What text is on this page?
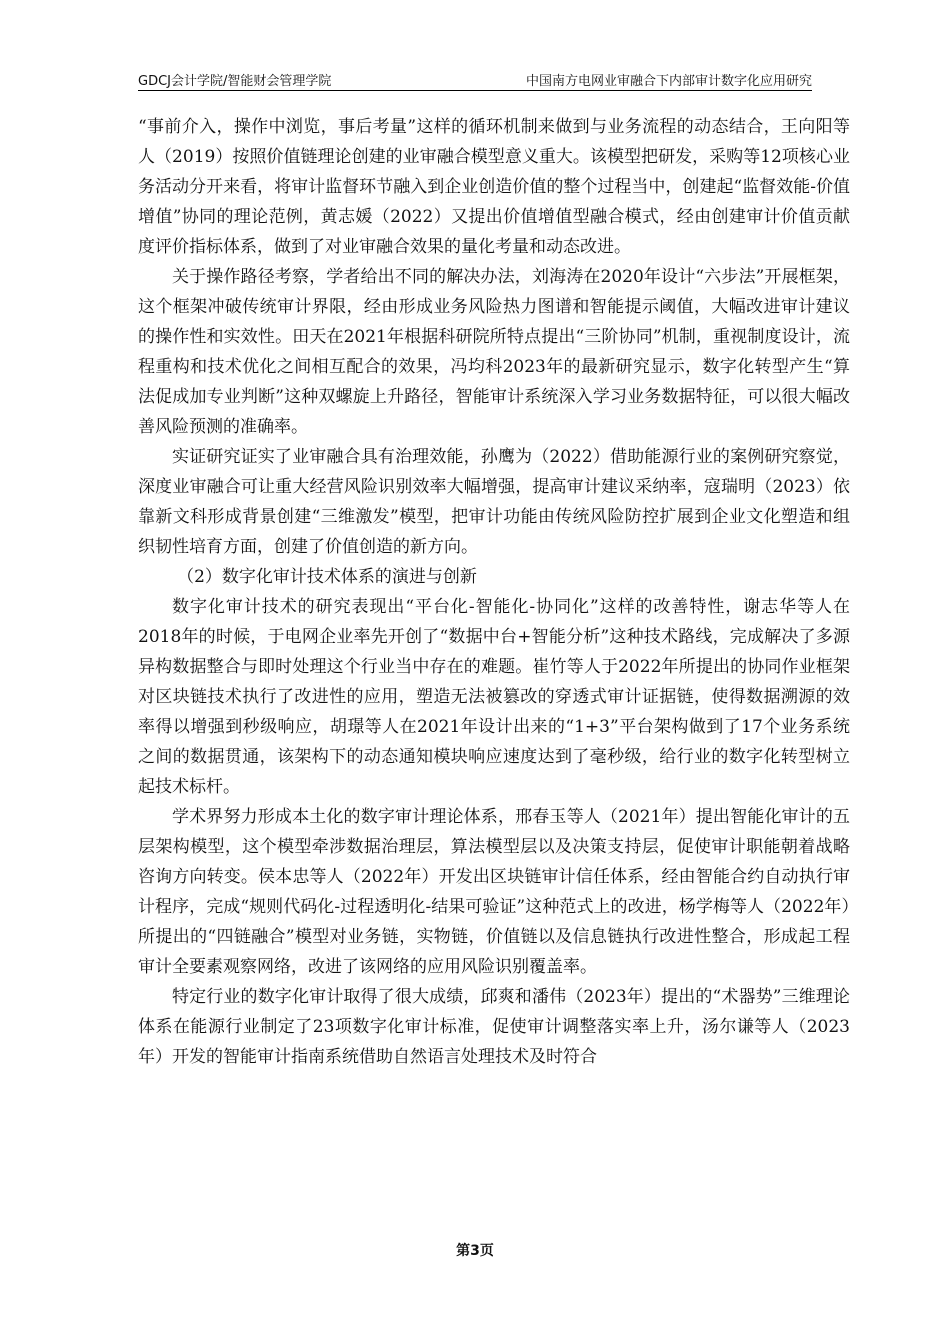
GDCJ会计学院/智能财会管理学院	中国南方电网业审融合下内部审计数字化应用研究

“事前介入，操作中浏览，事后考量”这样的循环机制来做到与业务流程的动态结合，王向阳等人（2019）按照价值链理论创建的业审融合模型意义重大。该模型把研发，采购等12项核心业务活动分开来看，将审计监督环节融入到企业创造价值的整个过程当中，创建起“监督效能-价值增值”协同的理论范例，黄志媛（2022）又提出价值增值型融合模式，经由创建审计价值贡献度评价指标体系，做到了对业审融合效果的量化考量和动态改进。

关于操作路径考察，学者给出不同的解决办法，刘海涛在2020年设计“六步法”开展框架，这个框架冲破传统审计界限，经由形成业务风险热力图谱和智能提示阈值，大幅改进审计建议的操作性和实效性。田天在2021年根据科研院所特点提出“三阶协同”机制，重视制度设计，流程重构和技术优化之间相互配合的效果，冯均科2023年的最新研究显示，数字化转型产生“算法促成加专业判断”这种双螺旋上升路径，智能审计系统深入学习业务数据特征，可以很大幅改善风险预测的准确率。

实证研究证实了业审融合具有治理效能，孙鹰为（2022）借助能源行业的案例研究察觉，深度业审融合可让重大经营风险识别效率大幅增强，提高审计建议采纳率，寇瑞明（2023）依靠新文科形成背景创建“三维激发”模型，把审计功能由传统风险防控扩展到企业文化塑造和组织韧性培育方面，创建了价值创造的新方向。

（2）数字化审计技术体系的演进与创新

数字化审计技术的研究表现出“平台化-智能化-协同化”这样的改善特性，谢志华等人在2018年的时候，于电网企业率先开创了“数据中台+智能分析”这种技术路线，完成解决了多源异构数据整合与即时处理这个行业当中存在的难题。崔竹等人于2022年所提出的协同作业框架对区块链技术执行了改进性的应用，塑造无法被篡改的穿透式审计证据链，使得数据溯源的效率得以增强到秒级响应，胡璟等人在2021年设计出来的“1+3”平台架构做到了17个业务系统之间的数据贯通，该架构下的动态通知模块响应速度达到了毫秒级，给行业的数字化转型树立起技术标杆。

学术界努力形成本土化的数字审计理论体系，邢春玉等人（2021年）提出智能化审计的五层架构模型，这个模型牵涉数据治理层，算法模型层以及决策支持层，促使审计职能朝着战略咨询方向转变。侯本忠等人（2022年）开发出区块链审计信任体系，经由智能合约自动执行审计程序，完成“规则代码化-过程透明化-结果可验证”这种范式上的改进，杨学梅等人（2022年）所提出的“四链融合”模型对业务链，实物链，价值链以及信息链执行改进性整合，形成起工程审计全要素观察网络，改进了该网络的应用风险识别覆盖率。

特定行业的数字化审计取得了很大成绩，邱爽和潘伟（2023年）提出的“术器势”三维理论体系在能源行业制定了23项数字化审计标准，促使审计调整落实率上升，汤尔谦等人（2023年）开发的智能审计指南系统借助自然语言处理技术及时符合

第3页
